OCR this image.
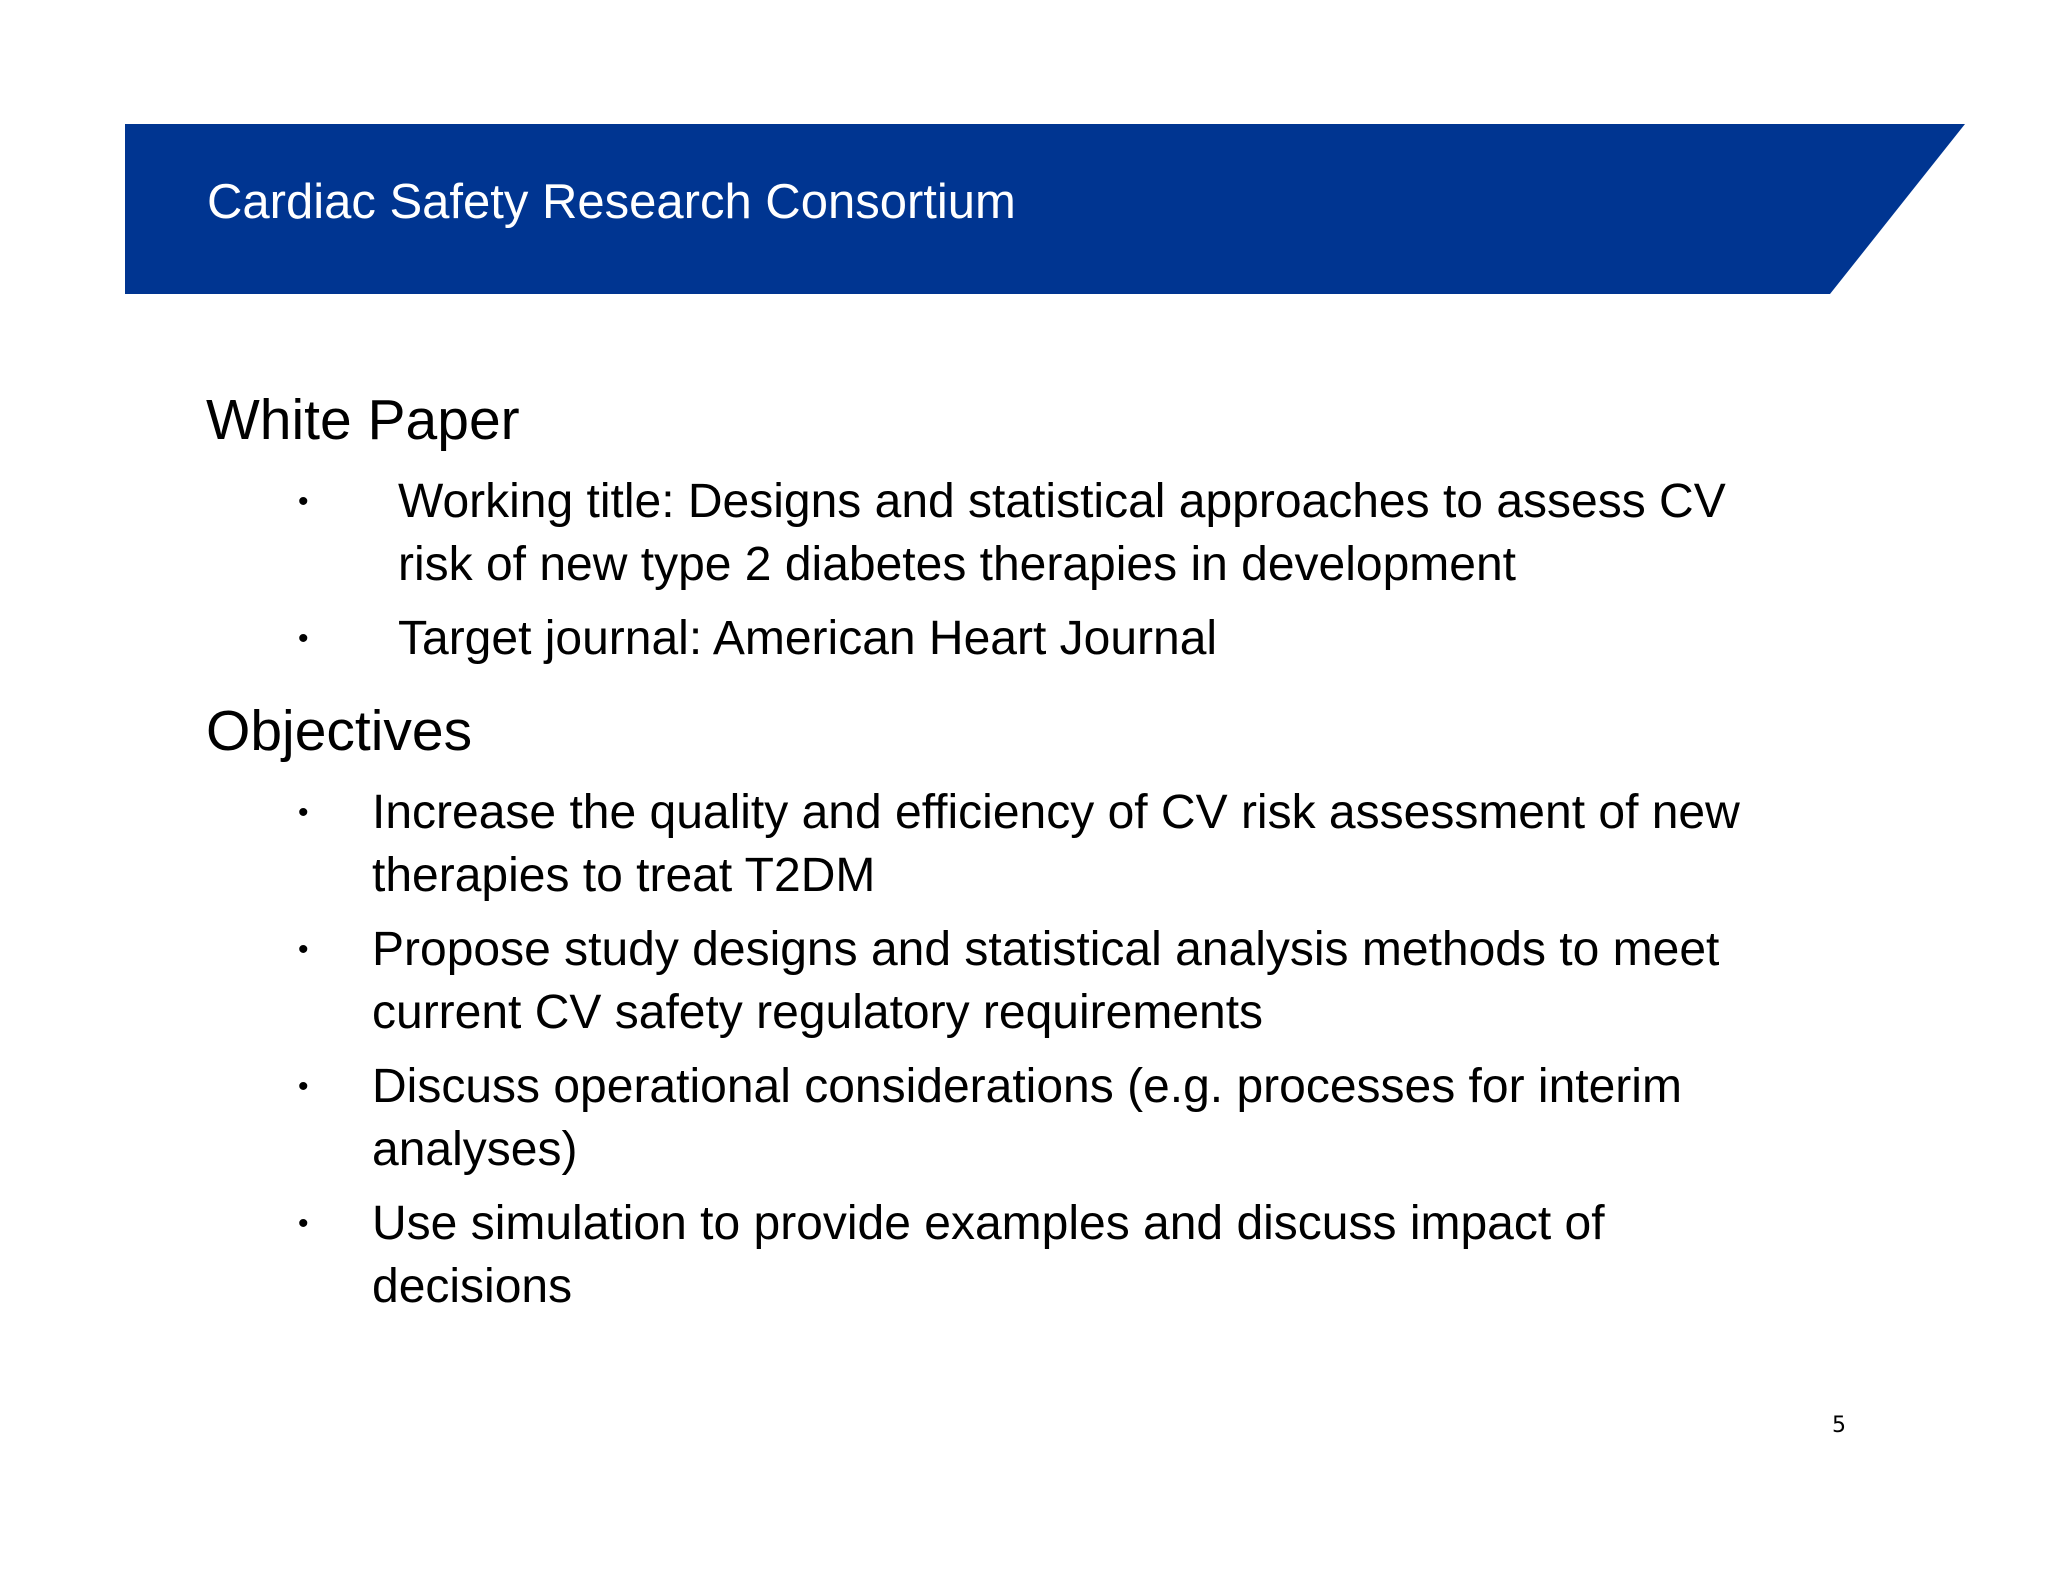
Cardiac Safety Research Consortium
White Paper
• Working title: Designs and statistical approaches to assess CV
risk of new type 2 diabetes therapies in development
• Target journal: American Heart Journal
Objectives
• Increase the quality and efficiency of CV risk assessment of new
therapies to treat T2DM
• Propose study designs and statistical analysis methods to meet
current CV safety regulatory requirements
• Discuss operational considerations (e.g. processes for interim
analyses)
• Use simulation to provide examples and discuss impact of
decisions
5
